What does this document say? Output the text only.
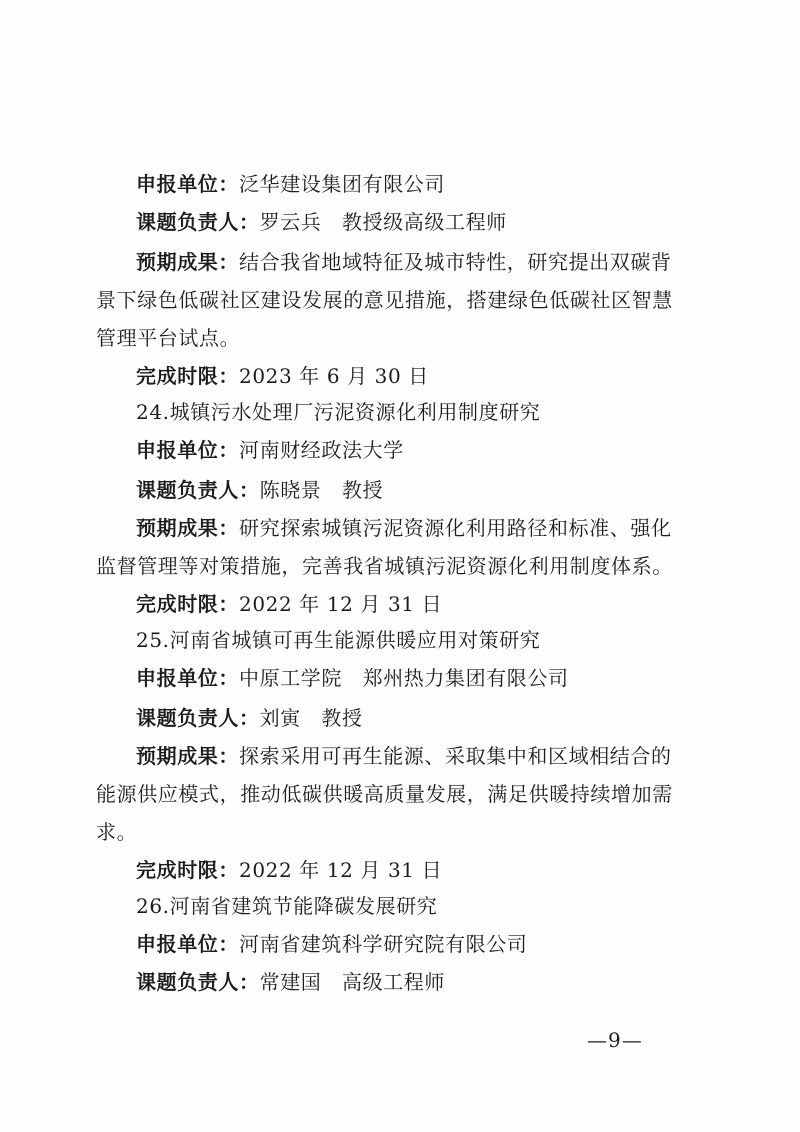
申报单位：泛华建设集团有限公司
课题负责人：罗云兵　教授级高级工程师
预期成果：结合我省地域特征及城市特性，研究提出双碳背
景下绿色低碳社区建设发展的意见措施，搭建绿色低碳社区智慧
管理平台试点。
完成时限：2023 年 6 月 30 日
24.城镇污水处理厂污泥资源化利用制度研究
申报单位：河南财经政法大学
课题负责人：陈晓景　教授
预期成果：研究探索城镇污泥资源化利用路径和标准、强化
监督管理等对策措施，完善我省城镇污泥资源化利用制度体系。
完成时限：2022 年 12 月 31 日
25.河南省城镇可再生能源供暖应用对策研究
申报单位：中原工学院　郑州热力集团有限公司
课题负责人：刘寅　教授
预期成果：探索采用可再生能源、采取集中和区域相结合的
能源供应模式，推动低碳供暖高质量发展，满足供暖持续增加需
求。
完成时限：2022 年 12 月 31 日
26.河南省建筑节能降碳发展研究
申报单位：河南省建筑科学研究院有限公司
课题负责人：常建国　高级工程师
—9—
